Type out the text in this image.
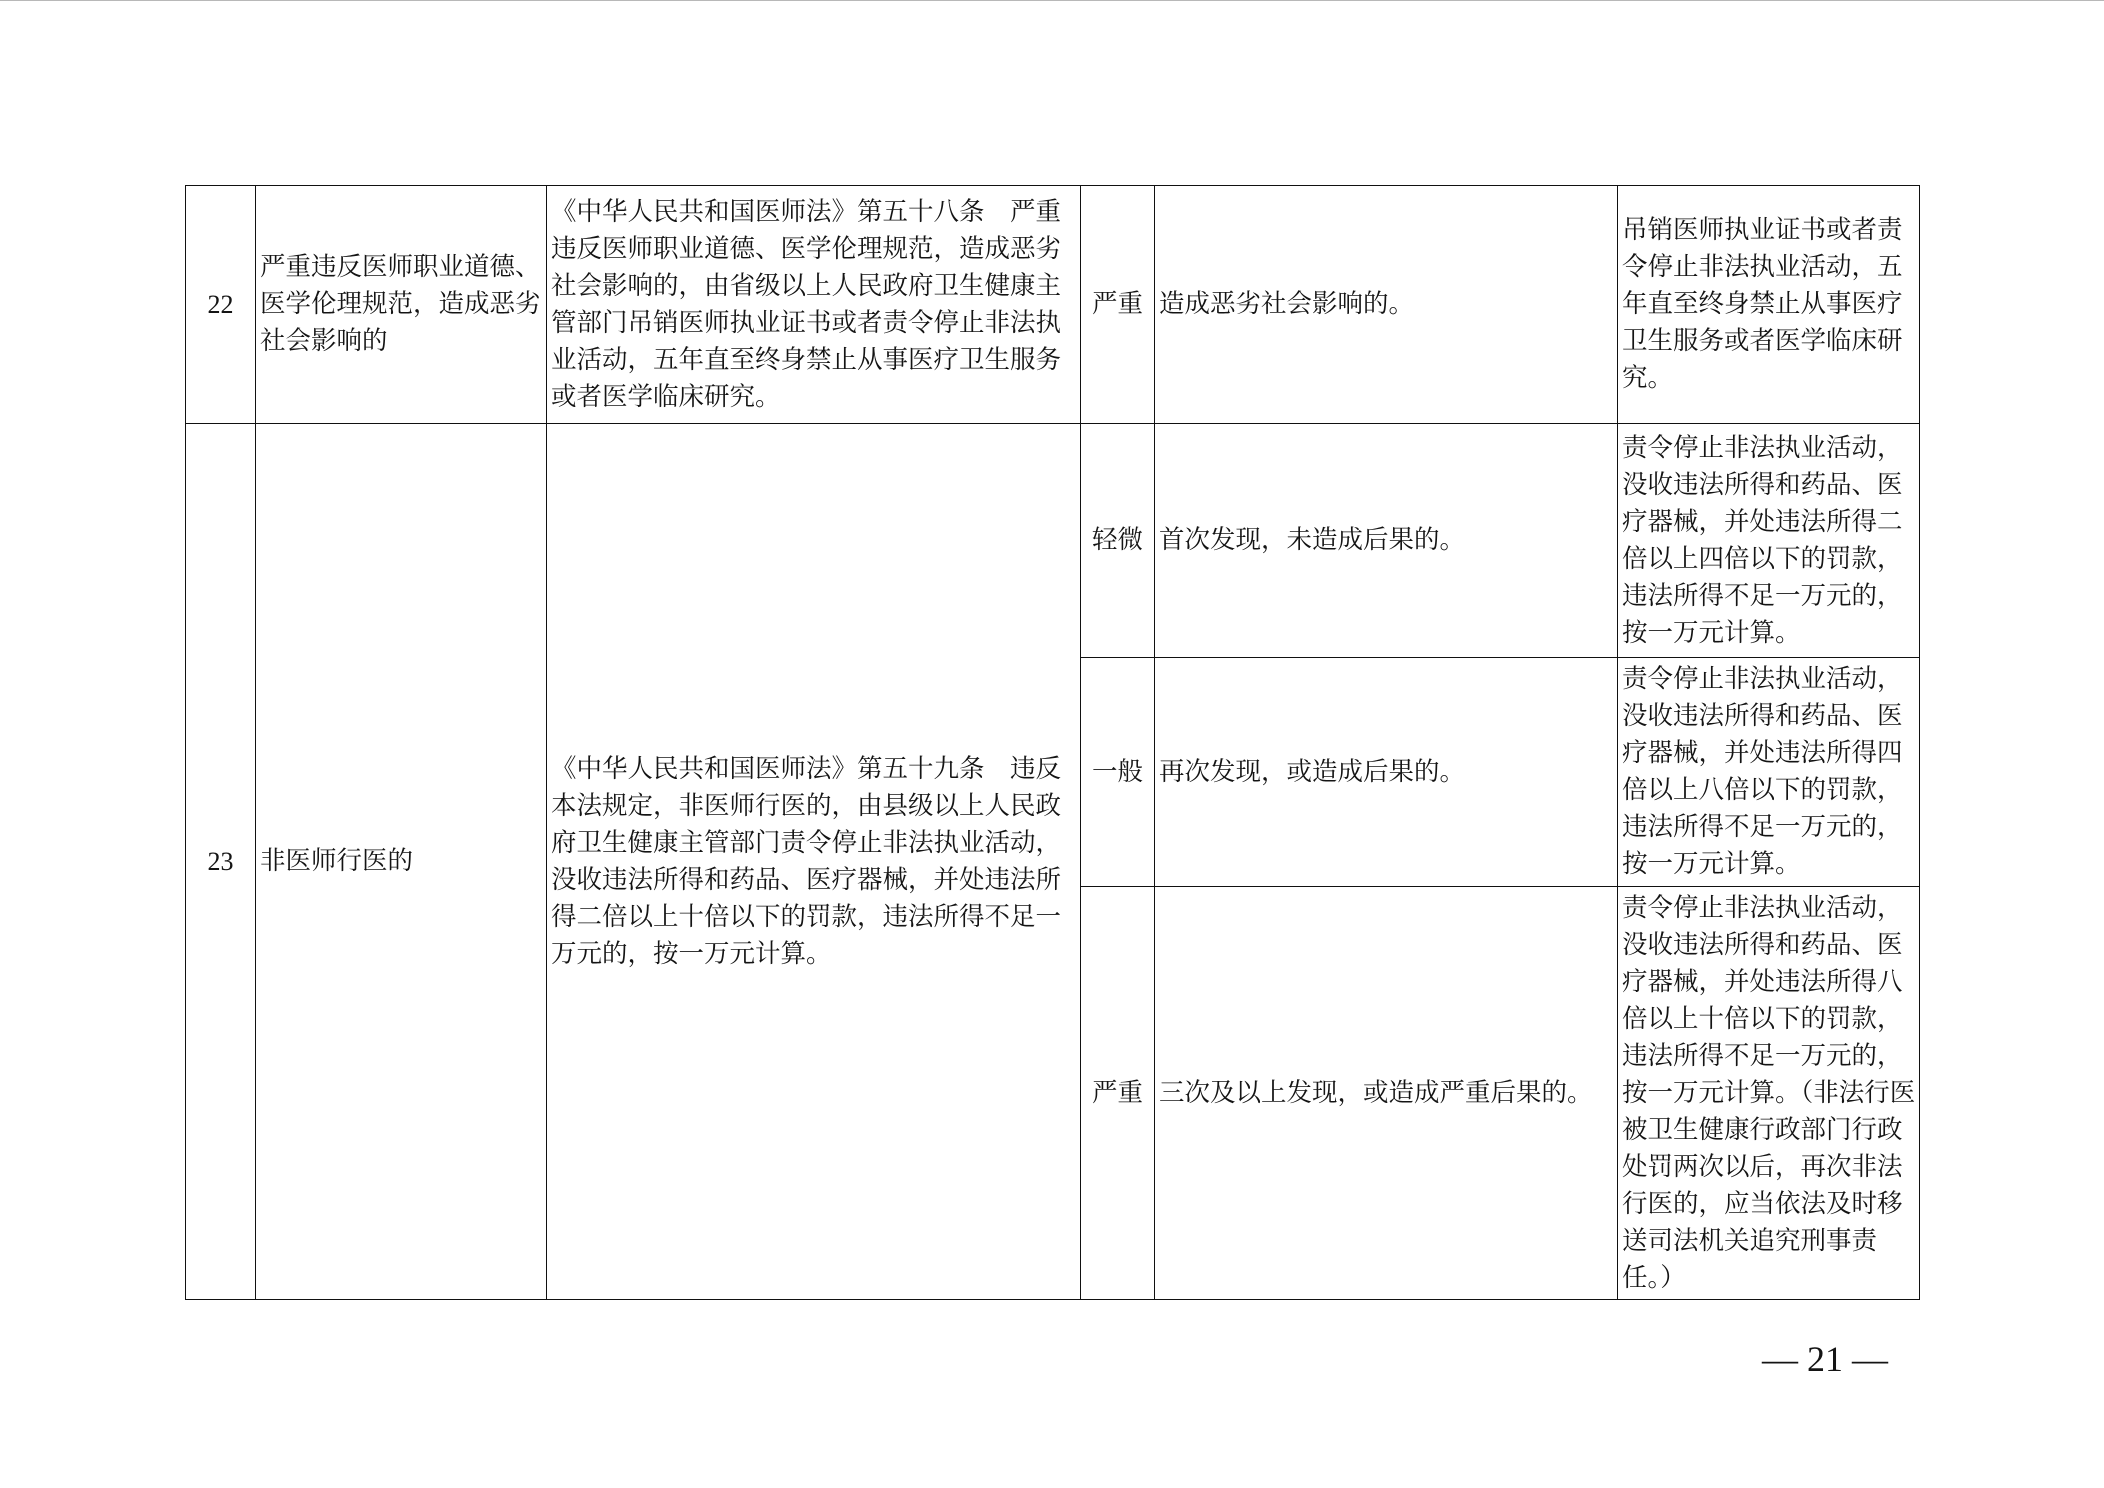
22
严重违反医师职业道德、医学伦理规范，造成恶劣社会影响的
《中华人民共和国医师法》第五十八条　严重违反医师职业道德、医学伦理规范，造成恶劣社会影响的，由省级以上人民政府卫生健康主管部门吊销医师执业证书或者责令停止非法执业活动，五年直至终身禁止从事医疗卫生服务或者医学临床研究。
严重 造成恶劣社会影响的。
吊销医师执业证书或者责令停止非法执业活动，五年直至终身禁止从事医疗卫生服务或者医学临床研究。
23	非医师行医的
《中华人民共和国医师法》第五十九条　违反本法规定，非医师行医的，由县级以上人民政府卫生健康主管部门责令停止非法执业活动，没收违法所得和药品、医疗器械，并处违法所得二倍以上十倍以下的罚款，违法所得不足一万元的，按一万元计算。
轻微 首次发现，未造成后果的。
责令停止非法执业活动，没收违法所得和药品、医疗器械，并处违法所得二倍以上四倍以下的罚款，违法所得不足一万元的，按一万元计算。
一般 再次发现，或造成后果的。
责令停止非法执业活动，没收违法所得和药品、医疗器械，并处违法所得四倍以上八倍以下的罚款，违法所得不足一万元的，按一万元计算。
严重 三次及以上发现，或造成严重后果的。
责令停止非法执业活动，没收违法所得和药品、医疗器械，并处违法所得八倍以上十倍以下的罚款，违法所得不足一万元的，按一万元计算。（非法行医被卫生健康行政部门行政处罚两次以后，再次非法行医的，应当依法及时移送司法机关追究刑事责任。）
— 21 —
